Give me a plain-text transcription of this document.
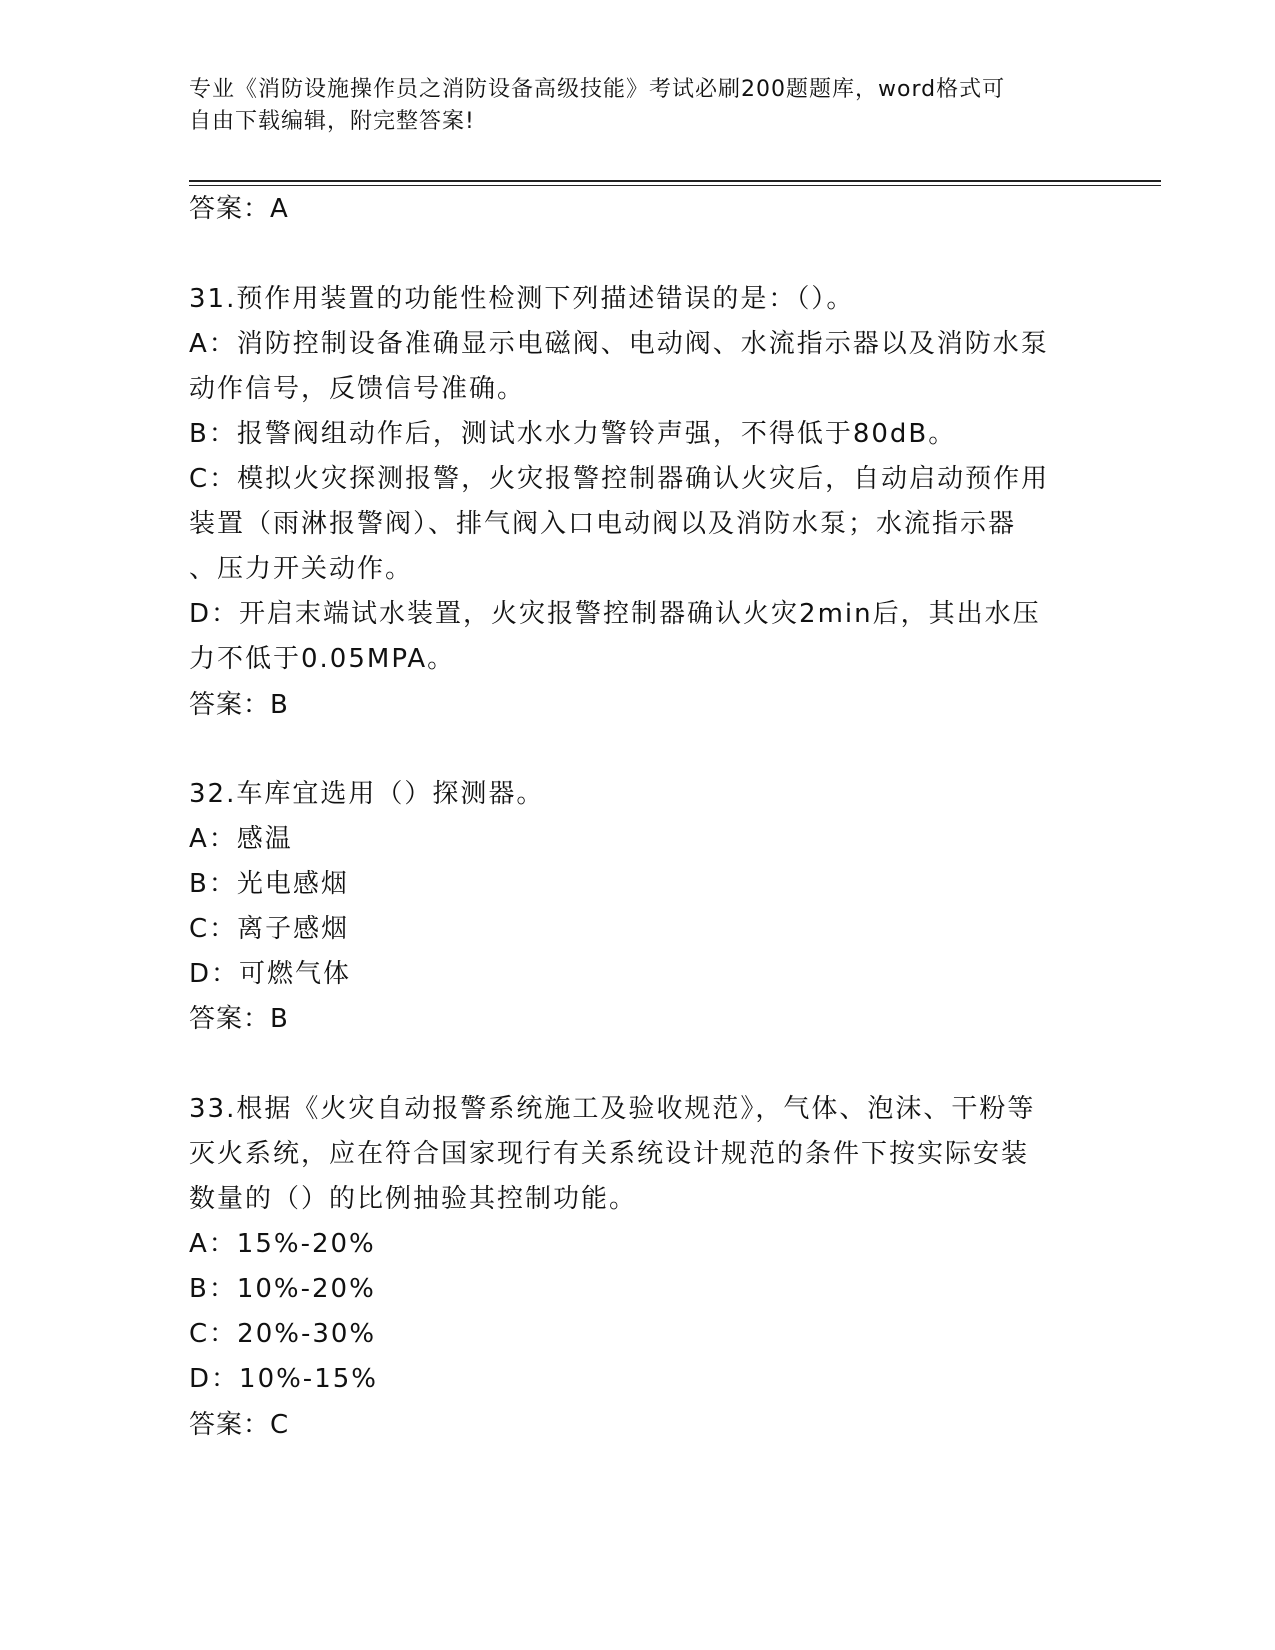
专业《消防设施操作员之消防设备高级技能》考试必刷200题题库，word格式可
自由下载编辑，附完整答案!
答案：A
31.预作用装置的功能性检测下列描述错误的是：（）。
A：消防控制设备准确显示电磁阀、电动阀、水流指示器以及消防水泵
动作信号，反馈信号准确。
B：报警阀组动作后，测试水水力警铃声强，不得低于80dB。
C：模拟火灾探测报警，火灾报警控制器确认火灾后，自动启动预作用
装置（雨淋报警阀）、排气阀入口电动阀以及消防水泵；水流指示器
、压力开关动作。
D：开启末端试水装置，火灾报警控制器确认火灾2min后，其出水压
力不低于0.05MPA。
答案：B
32.车库宜选用（）探测器。
A：感温
B：光电感烟
C：离子感烟
D：可燃气体
答案：B
33.根据《火灾自动报警系统施工及验收规范》，气体、泡沫、干粉等
灭火系统，应在符合国家现行有关系统设计规范的条件下按实际安装
数量的（）的比例抽验其控制功能。
A：15%-20%
B：10%-20%
C：20%-30%
D：10%-15%
答案：C
